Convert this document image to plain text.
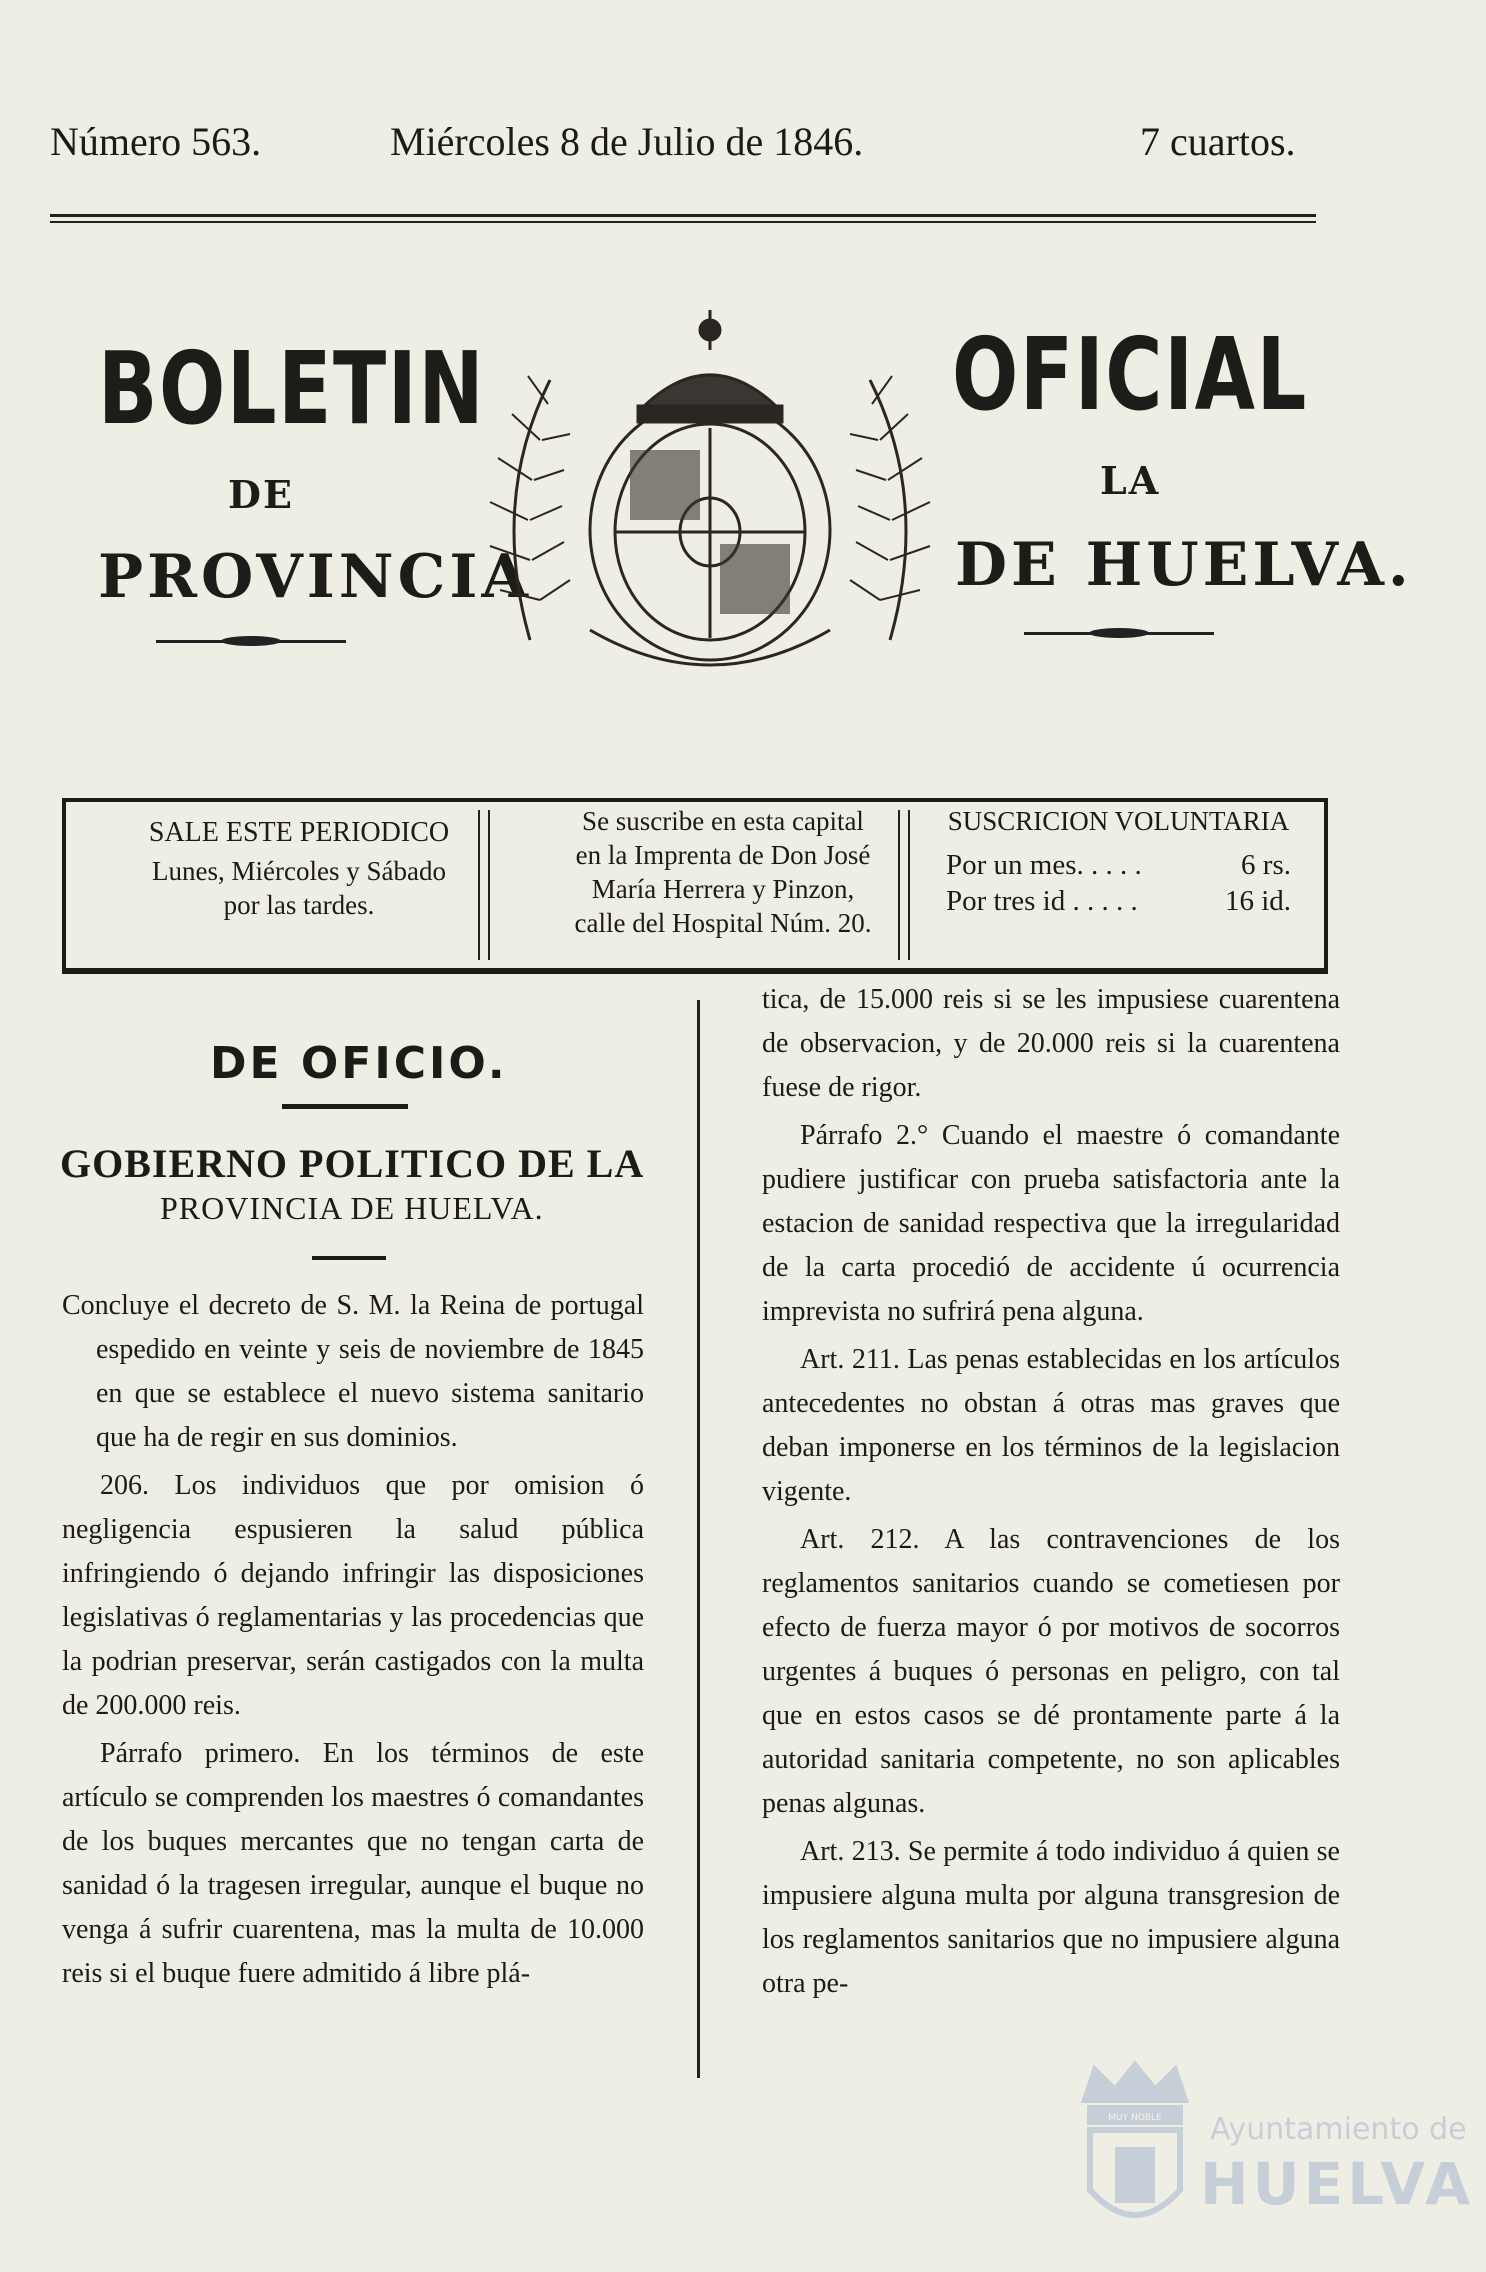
Número 563.	Miércoles 8 de Julio de 1846.	7 cuartos.
BOLETIN	OFICIAL
DE	LA
PROVINCIA	DE HUELVA.
SALE ESTE PERIODICO
Lunes, Miércoles y Sábado
por las tardes.
Se suscribe en esta capital
en la Imprenta de Don José
María Herrera y Pinzon,
calle del Hospital Núm. 20.
SUSCRICION VOLUNTARIA
Por un mes. . . . .	6 rs.
Por tres id . . . . .	16 id.
DE OFICIO.
GOBIERNO POLITICO DE LA
PROVINCIA DE HUELVA.

Concluye el decreto de S. M. la Reina de portugal espedido en veinte y seis de noviembre de 1845 en que se establece el nuevo sistema sanitario que ha de regir en sus dominios.

206. Los individuos que por omision ó negligencia espusieren la salud pública infringiendo ó dejando infringir las disposiciones legislativas ó reglamentarias y las procedencias que la podrian preservar, serán castigados con la multa de 200.000 reis.

Párrafo primero. En los términos de este artículo se comprenden los maestres ó comandantes de los buques mercantes que no tengan carta de sanidad ó la tragesen irregular, aunque el buque no venga á sufrir cuarentena, mas la multa de 10.000 reis si el buque fuere admitido á libre plá-

tica, de 15.000 reis si se les impusiese cuarentena de observacion, y de 20.000 reis si la cuarentena fuese de rigor.

Párrafo 2.° Cuando el maestre ó comandante pudiere justificar con prueba satisfactoria ante la estacion de sanidad respectiva que la irregularidad de la carta procedió de accidente ú ocurrencia imprevista no sufrirá pena alguna.

Art. 211. Las penas establecidas en los artículos antecedentes no obstan á otras mas graves que deban imponerse en los términos de la legislacion vigente.

Art. 212. A las contravenciones de los reglamentos sanitarios cuando se cometiesen por efecto de fuerza mayor ó por motivos de socorros urgentes á buques ó personas en peligro, con tal que en estos casos se dé prontamente parte á la autoridad sanitaria competente, no son aplicables penas algunas.

Art. 213. Se permite á todo individuo á quien se impusiere alguna multa por alguna transgresion de los reglamentos sanitarios que no impusiere alguna otra pe-

MUY NOBLE Ayuntamiento de
HUELVA
